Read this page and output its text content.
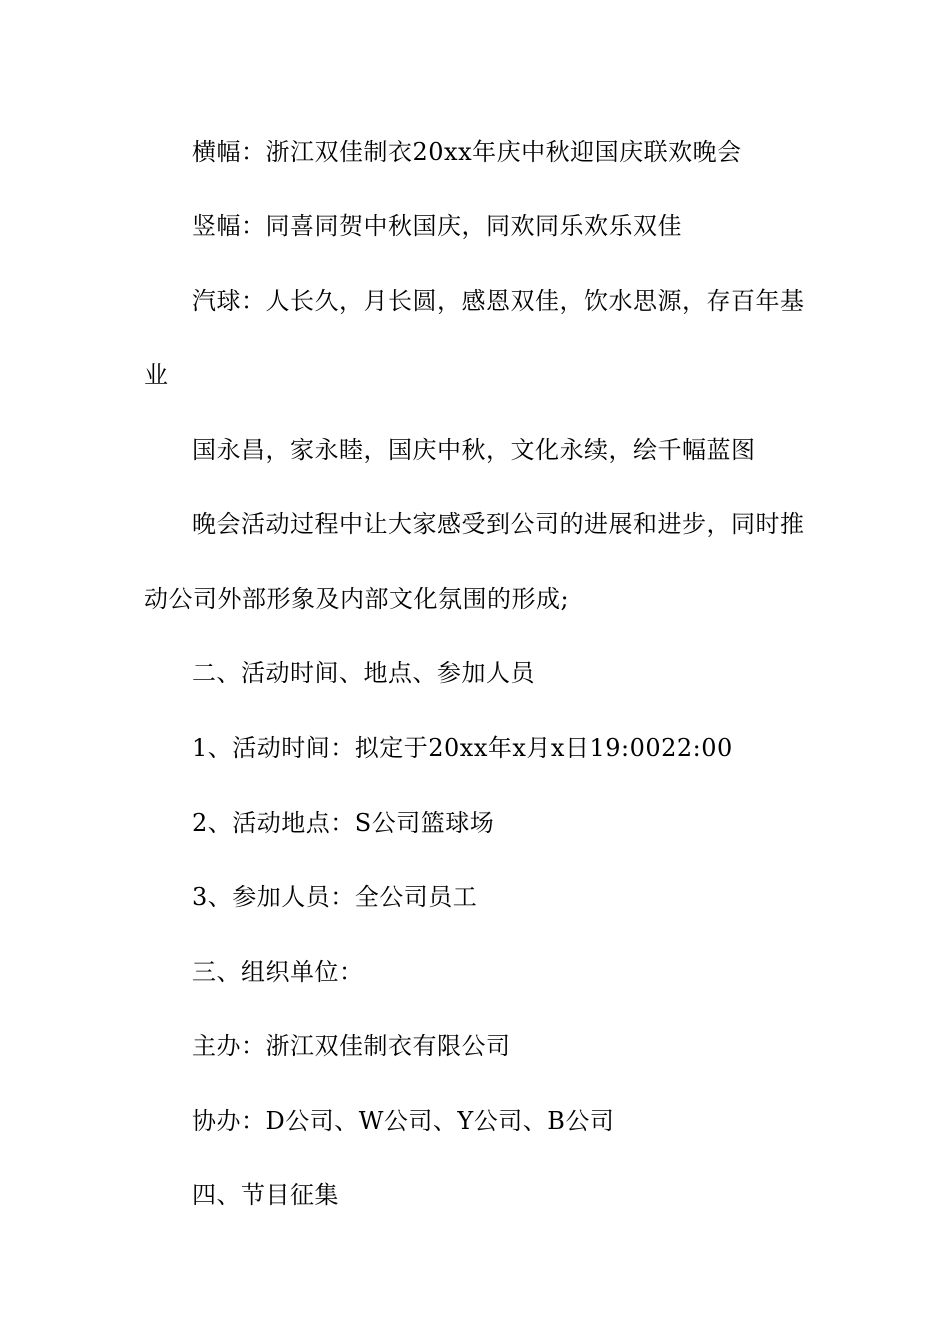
横幅：浙江双佳制衣20xx年庆中秋迎国庆联欢晚会
竖幅：同喜同贺中秋国庆，同欢同乐欢乐双佳
汽球：人长久，月长圆，感恩双佳，饮水思源，存百年基
业
国永昌，家永睦，国庆中秋，文化永续，绘千幅蓝图
晚会活动过程中让大家感受到公司的进展和进步，同时推
动公司外部形象及内部文化氛围的形成;
二、活动时间、地点、参加人员
1、活动时间：拟定于20xx年x月x日19:0022:00
2、活动地点：S公司篮球场
3、参加人员：全公司员工
三、组织单位：
主办：浙江双佳制衣有限公司
协办：D公司、W公司、Y公司、B公司
四、节目征集
